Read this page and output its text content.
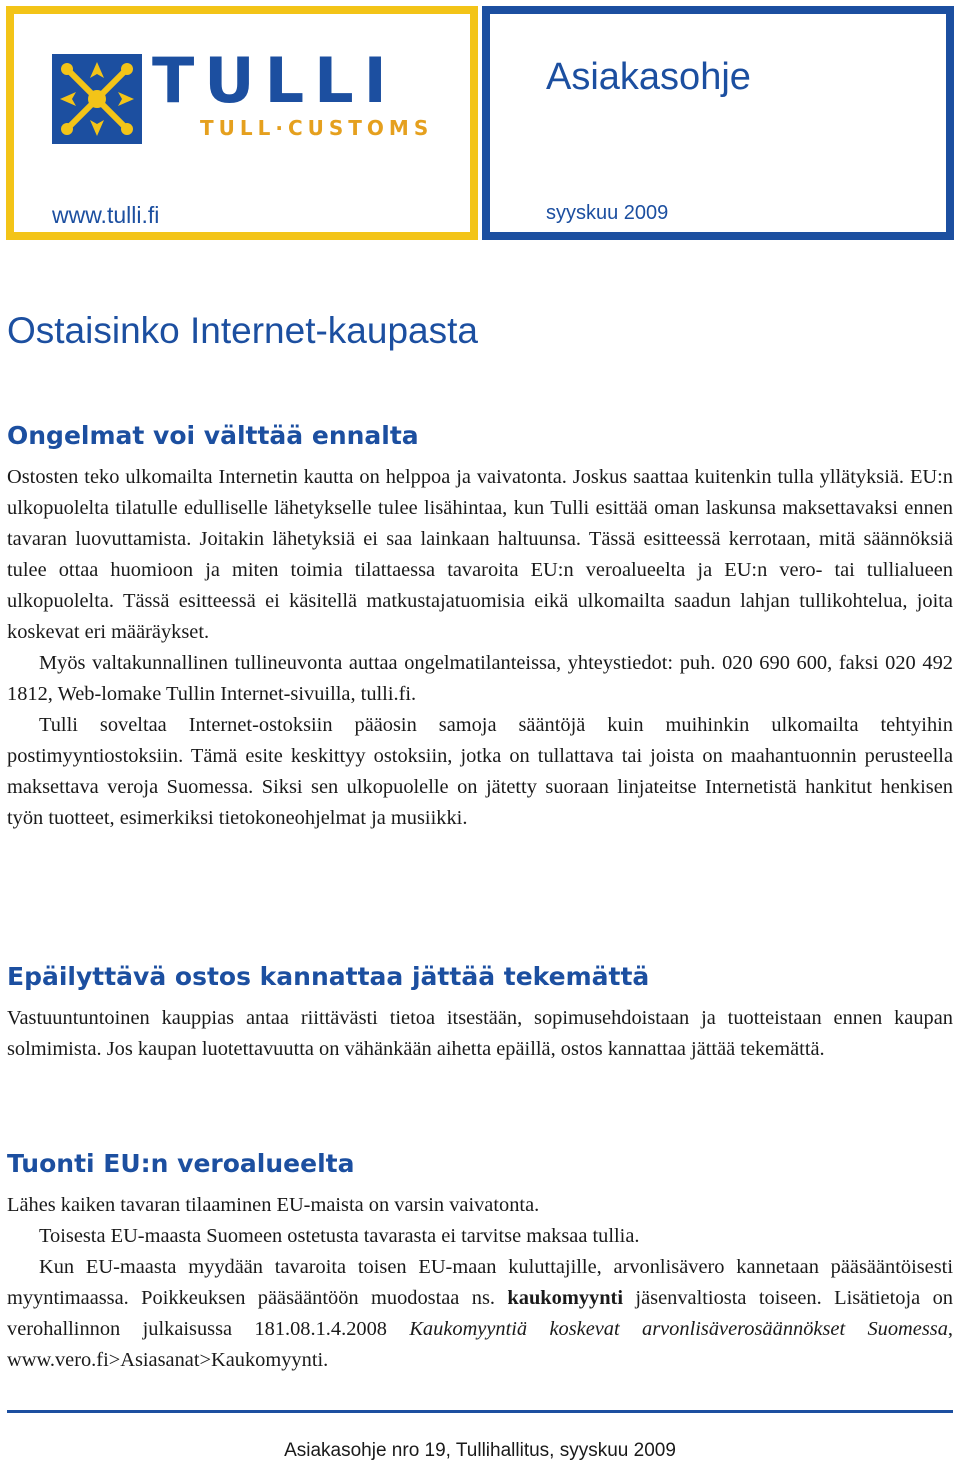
TULLI
TULL·CUSTOMS
www.tulli.fi
Asiakasohje
syyskuu 2009
Ostaisinko Internet-kaupasta
Ongelmat voi välttää ennalta

Ostosten teko ulkomailta Internetin kautta on helppoa ja vaivatonta. Joskus saattaa kuitenkin tulla yllätyksiä. EU:n ulkopuolelta tilatulle edulliselle lähetykselle tulee lisähintaa, kun Tulli esittää oman laskunsa maksettavaksi ennen tavaran luovuttamista. Joitakin lähetyksiä ei saa lainkaan haltuunsa. Tässä esitteessä kerrotaan, mitä säännöksiä tulee ottaa huomioon ja miten toimia tilattaessa tavaroita EU:n veroalueelta ja EU:n vero- tai tullialueen ulkopuolelta. Tässä esitteessä ei käsitellä matkustajatuomisia eikä ulkomailta saadun lahjan tullikohtelua, joita koskevat eri määräykset.

Myös valtakunnallinen tullineuvonta auttaa ongelmatilanteissa, yhteystiedot: puh. 020 690 600, faksi 020 492 1812, Web-lomake Tullin Internet-sivuilla, tulli.fi.

Tulli soveltaa Internet-ostoksiin pääosin samoja sääntöjä kuin muihinkin ulkomailta tehtyihin postimyyntiostoksiin. Tämä esite keskittyy ostoksiin, jotka on tullattava tai joista on maahantuonnin perusteella maksettava veroja Suomessa. Siksi sen ulkopuolelle on jätetty suoraan linjateitse Internetistä hankitut henkisen työn tuotteet, esimerkiksi tietokoneohjelmat ja musiikki.

Epäilyttävä ostos kannattaa jättää tekemättä

Vastuuntuntoinen kauppias antaa riittävästi tietoa itsestään, sopimusehdoistaan ja tuotteistaan ennen kaupan solmimista. Jos kaupan luotettavuutta on vähänkään aihetta epäillä, ostos kannattaa jättää tekemättä.

Tuonti EU:n veroalueelta

Lähes kaiken tavaran tilaaminen EU-maista on varsin vaivatonta.

Toisesta EU-maasta Suomeen ostetusta tavarasta ei tarvitse maksaa tullia.

Kun EU-maasta myydään tavaroita toisen EU-maan kuluttajille, arvonlisävero kannetaan pääsääntöisesti myyntimaassa. Poikkeuksen pääsääntöön muodostaa ns. kaukomyynti jäsenvaltiosta toiseen. Lisätietoja on verohallinnon julkaisussa 181.08.1.4.2008 Kaukomyyntiä koskevat arvonlisäverosäännökset Suomessa, www.vero.fi>Asiasanat>Kaukomyynti.

Asiakasohje nro 19, Tullihallitus, syyskuu 2009
